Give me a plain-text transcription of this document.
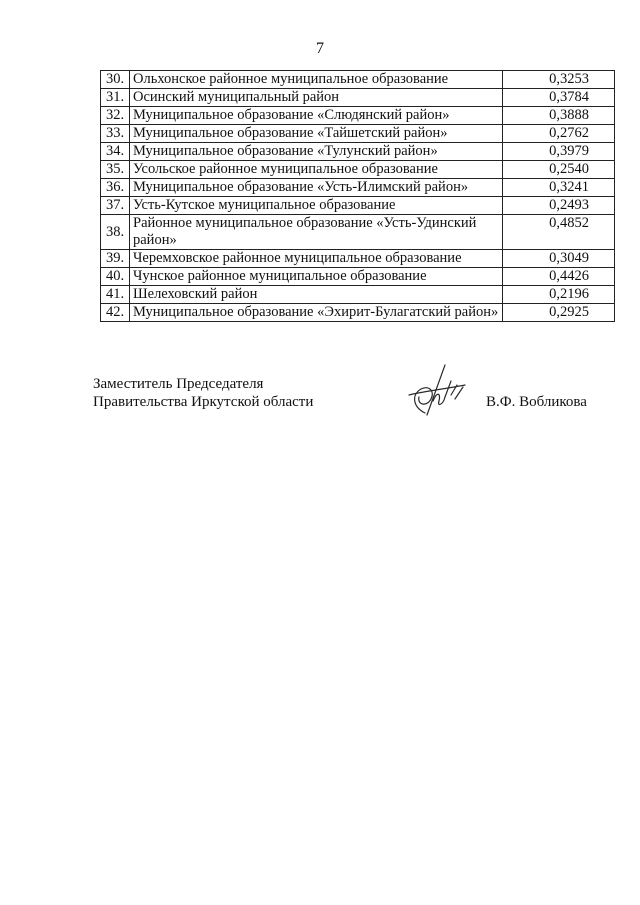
7
30.	Ольхонское районное муниципальное образование	0,3253
31.	Осинский муниципальный район	0,3784
32.	Муниципальное образование «Слюдянский район»	0,3888
33.	Муниципальное образование «Тайшетский район»	0,2762
34.	Муниципальное образование «Тулунский район»	0,3979
35.	Усольское районное муниципальное образование	0,2540
36.	Муниципальное образование «Усть-Илимский район»	0,3241
37.	Усть-Кутское муниципальное образование	0,2493
38.	Районное муниципальное образование «Усть-Удинский район»	0,4852
39.	Черемховское районное муниципальное образование	0,3049
40.	Чунское районное муниципальное образование	0,4426
41.	Шелеховский район	0,2196
42.	Муниципальное образование «Эхирит-Булагатский район»	0,2925
Заместитель Председателя
Правительства Иркутской области	В.Ф. Вобликова
